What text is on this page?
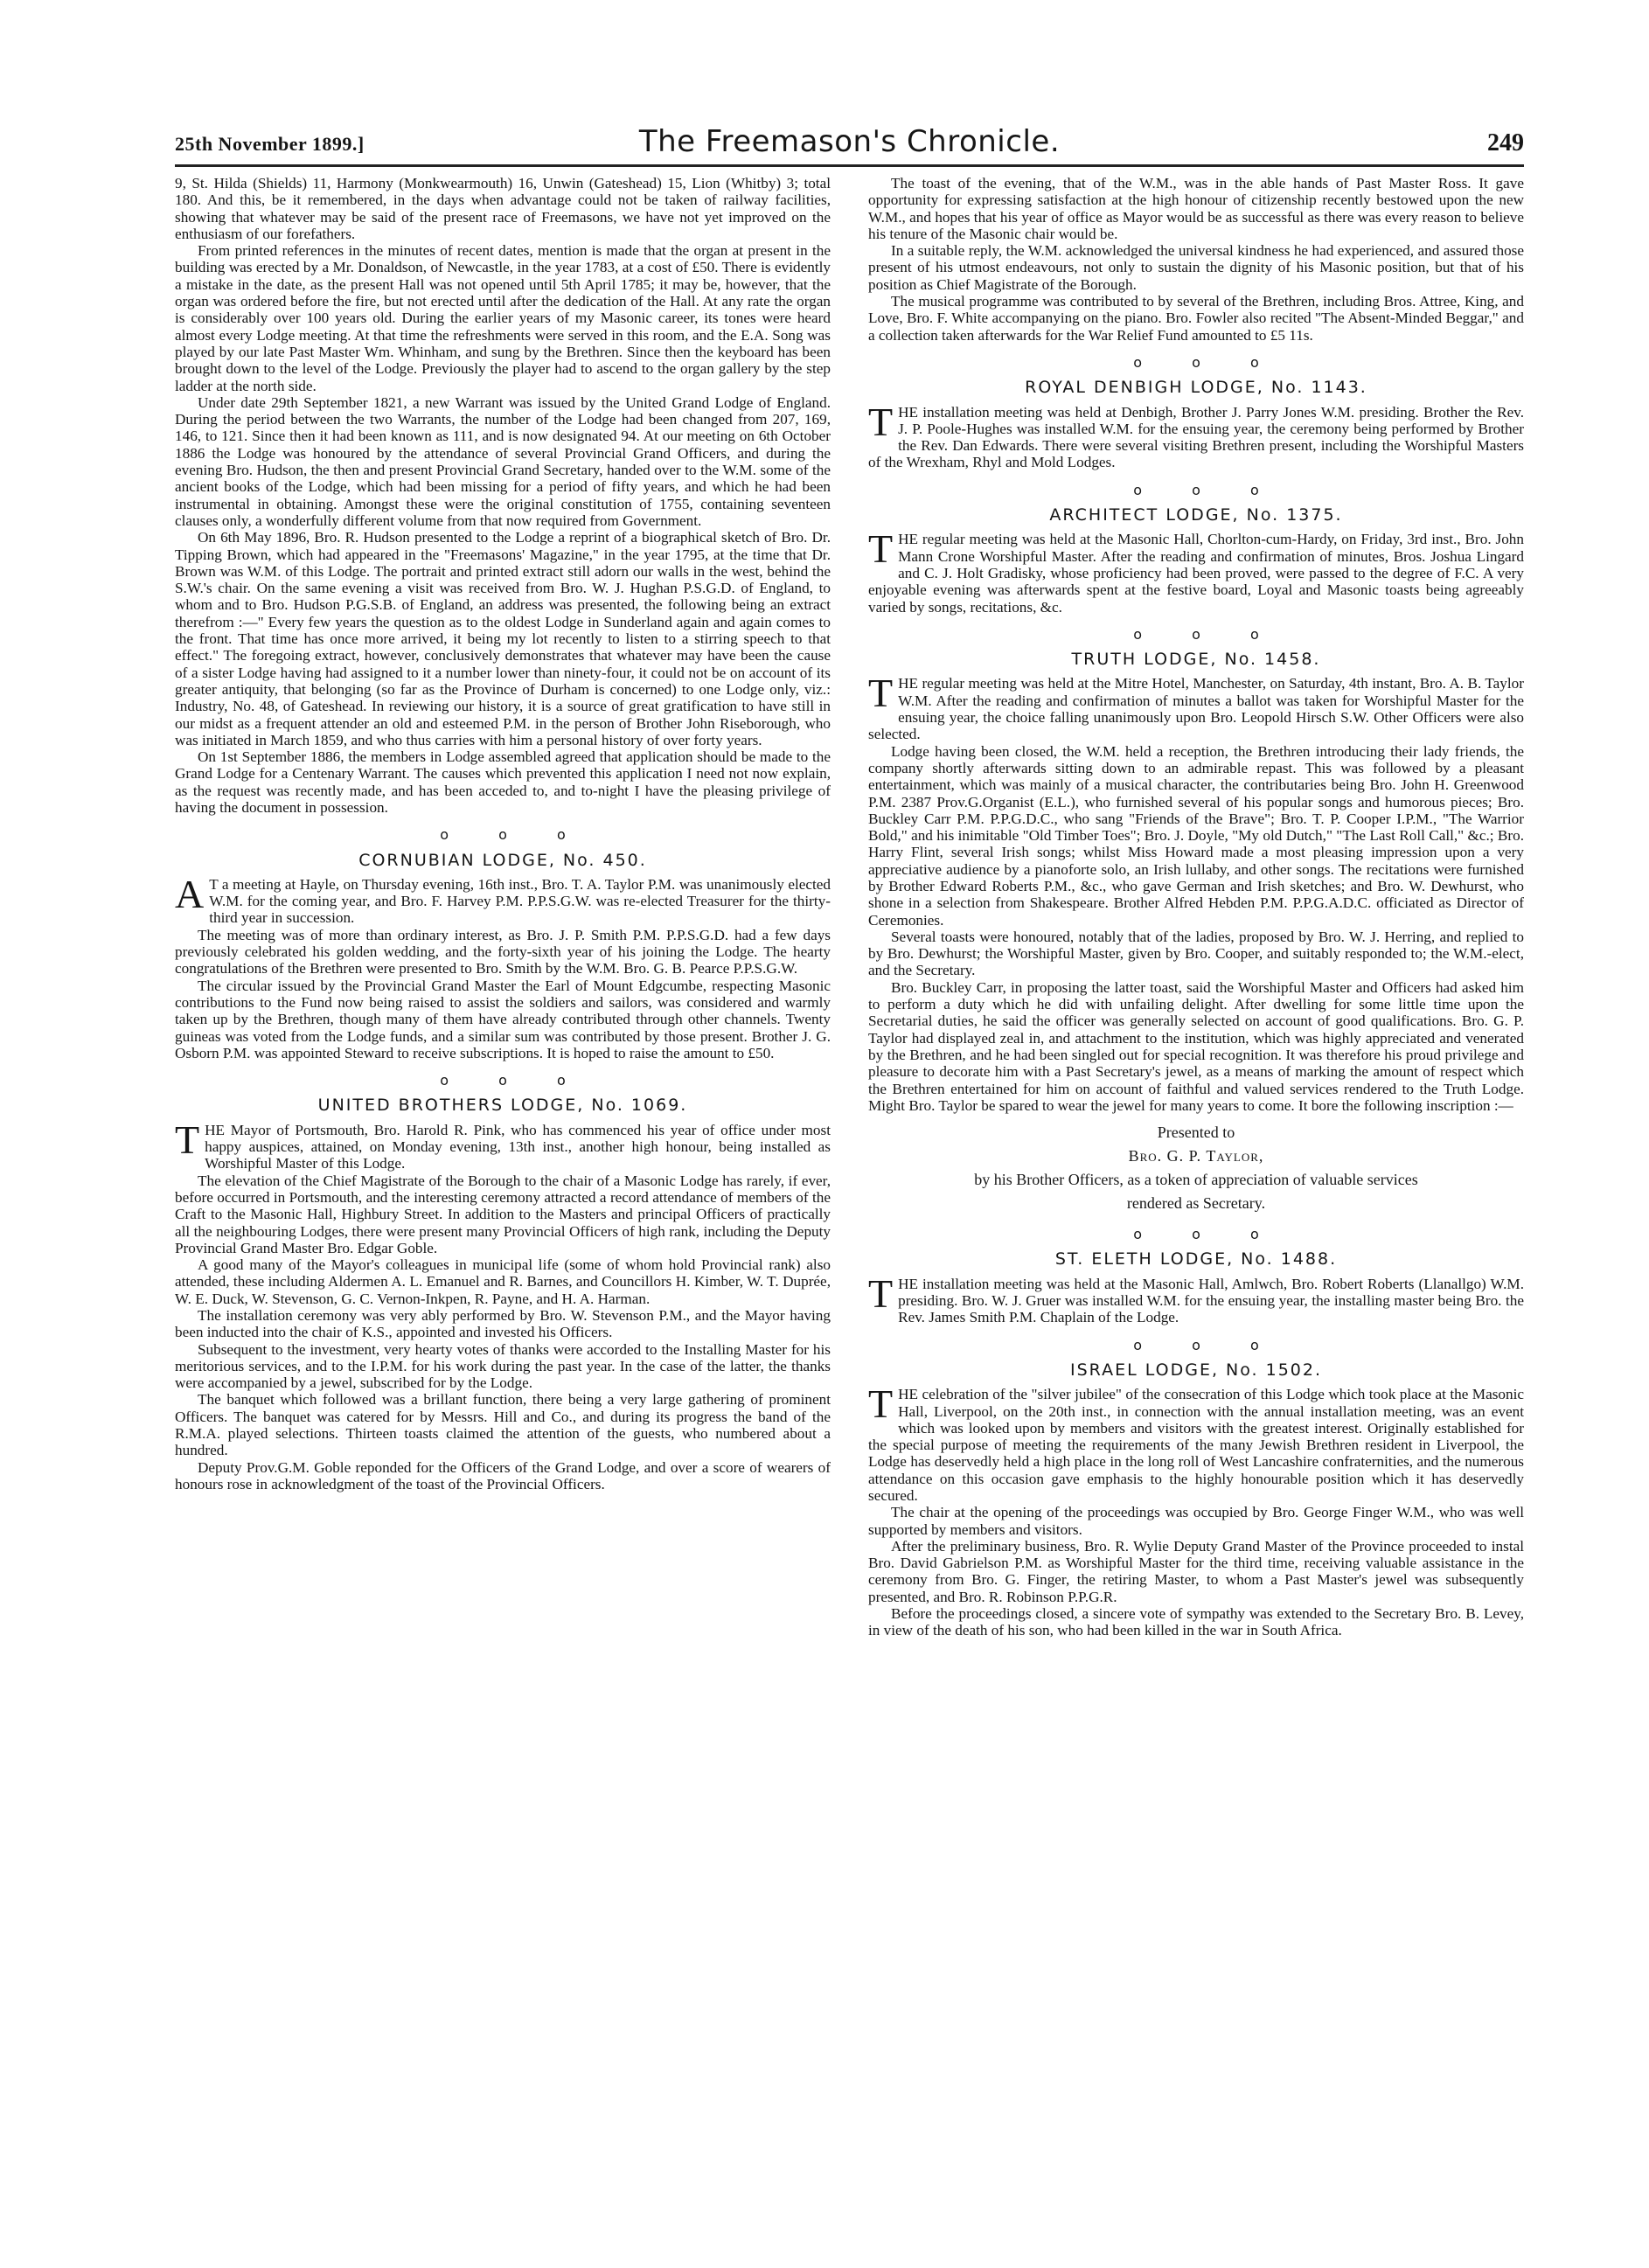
25th November 1899.]	The Freemason's Chronicle.	249

9, St. Hilda (Shields) 11, Harmony (Monkwearmouth) 16, Unwin (Gateshead) 15, Lion (Whitby) 3; total 180. And this, be it remembered, in the days when advantage could not be taken of railway facilities, showing that whatever may be said of the present race of Freemasons, we have not yet improved on the enthusiasm of our forefathers.

From printed references in the minutes of recent dates, mention is made that the organ at present in the building was erected by a Mr. Donaldson, of Newcastle, in the year 1783, at a cost of £50. There is evidently a mistake in the date, as the present Hall was not opened until 5th April 1785; it may be, however, that the organ was ordered before the fire, but not erected until after the dedication of the Hall. At any rate the organ is considerably over 100 years old. During the earlier years of my Masonic career, its tones were heard almost every Lodge meeting. At that time the refreshments were served in this room, and the E.A. Song was played by our late Past Master Wm. Whinham, and sung by the Brethren. Since then the keyboard has been brought down to the level of the Lodge. Previously the player had to ascend to the organ gallery by the step ladder at the north side.

Under date 29th September 1821, a new Warrant was issued by the United Grand Lodge of England. During the period between the two Warrants, the number of the Lodge had been changed from 207, 169, 146, to 121. Since then it had been known as 111, and is now designated 94. At our meeting on 6th October 1886 the Lodge was honoured by the attendance of several Provincial Grand Officers, and during the evening Bro. Hudson, the then and present Provincial Grand Secretary, handed over to the W.M. some of the ancient books of the Lodge, which had been missing for a period of fifty years, and which he had been instrumental in obtaining. Amongst these were the original constitution of 1755, containing seventeen clauses only, a wonderfully different volume from that now required from Government.

On 6th May 1896, Bro. R. Hudson presented to the Lodge a reprint of a biographical sketch of Bro. Dr. Tipping Brown, which had appeared in the "Freemasons' Magazine," in the year 1795, at the time that Dr. Brown was W.M. of this Lodge. The portrait and printed extract still adorn our walls in the west, behind the S.W.'s chair. On the same evening a visit was received from Bro. W. J. Hughan P.S.G.D. of England, to whom and to Bro. Hudson P.G.S.B. of England, an address was presented, the following being an extract therefrom :—" Every few years the question as to the oldest Lodge in Sunderland again and again comes to the front. That time has once more arrived, it being my lot recently to listen to a stirring speech to that effect." The foregoing extract, however, conclusively demonstrates that whatever may have been the cause of a sister Lodge having had assigned to it a number lower than ninety-four, it could not be on account of its greater antiquity, that belonging (so far as the Province of Durham is concerned) to one Lodge only, viz.: Industry, No. 48, of Gateshead. In reviewing our history, it is a source of great gratification to have still in our midst as a frequent attender an old and esteemed P.M. in the person of Brother John Riseborough, who was initiated in March 1859, and who thus carries with him a personal history of over forty years.

On 1st September 1886, the members in Lodge assembled agreed that application should be made to the Grand Lodge for a Centenary Warrant. The causes which prevented this application I need not now explain, as the request was recently made, and has been acceded to, and to-night I have the pleasing privilege of having the document in possession.

o o o
CORNUBIAN LODGE, No. 450.

A T a meeting at Hayle, on Thursday evening, 16th inst., Bro. T. A. Taylor P.M. was unanimously elected W.M. for the coming year, and Bro. F. Harvey P.M. P.P.S.G.W. was re-elected Treasurer for the thirty-third year in succession.

The meeting was of more than ordinary interest, as Bro. J. P. Smith P.M. P.P.S.G.D. had a few days previously celebrated his golden wedding, and the forty-sixth year of his joining the Lodge. The hearty congratulations of the Brethren were presented to Bro. Smith by the W.M. Bro. G. B. Pearce P.P.S.G.W.

The circular issued by the Provincial Grand Master the Earl of Mount Edgcumbe, respecting Masonic contributions to the Fund now being raised to assist the soldiers and sailors, was considered and warmly taken up by the Brethren, though many of them have already contributed through other channels. Twenty guineas was voted from the Lodge funds, and a similar sum was contributed by those present. Brother J. G. Osborn P.M. was appointed Steward to receive subscriptions. It is hoped to raise the amount to £50.

o o o
UNITED BROTHERS LODGE, No. 1069.

THE Mayor of Portsmouth, Bro. Harold R. Pink, who has commenced his year of office under most happy auspices, attained, on Monday evening, 13th inst., another high honour, being installed as Worshipful Master of this Lodge.

The elevation of the Chief Magistrate of the Borough to the chair of a Masonic Lodge has rarely, if ever, before occurred in Portsmouth, and the interesting ceremony attracted a record attendance of members of the Craft to the Masonic Hall, Highbury Street. In addition to the Masters and principal Officers of practically all the neighbouring Lodges, there were present many Provincial Officers of high rank, including the Deputy Provincial Grand Master Bro. Edgar Goble.

A good many of the Mayor's colleagues in municipal life (some of whom hold Provincial rank) also attended, these including Aldermen A. L. Emanuel and R. Barnes, and Councillors H. Kimber, W. T. Duprée, W. E. Duck, W. Stevenson, G. C. Vernon-Inkpen, R. Payne, and H. A. Harman.

The installation ceremony was very ably performed by Bro. W. Stevenson P.M., and the Mayor having been inducted into the chair of K.S., appointed and invested his Officers.

Subsequent to the investment, very hearty votes of thanks were accorded to the Installing Master for his meritorious services, and to the I.P.M. for his work during the past year. In the case of the latter, the thanks were accompanied by a jewel, subscribed for by the Lodge.

The banquet which followed was a brillant function, there being a very large gathering of prominent Officers. The banquet was catered for by Messrs. Hill and Co., and during its progress the band of the R.M.A. played selections. Thirteen toasts claimed the attention of the guests, who numbered about a hundred.

Deputy Prov.G.M. Goble reponded for the Officers of the Grand Lodge, and over a score of wearers of honours rose in acknowledgment of the toast of the Provincial Officers.

The toast of the evening, that of the W.M., was in the able hands of Past Master Ross. It gave opportunity for expressing satisfaction at the high honour of citizenship recently bestowed upon the new W.M., and hopes that his year of office as Mayor would be as successful as there was every reason to believe his tenure of the Masonic chair would be.

In a suitable reply, the W.M. acknowledged the universal kindness he had experienced, and assured those present of his utmost endeavours, not only to sustain the dignity of his Masonic position, but that of his position as Chief Magistrate of the Borough.

The musical programme was contributed to by several of the Brethren, including Bros. Attree, King, and Love, Bro. F. White accompanying on the piano. Bro. Fowler also recited "The Absent-Minded Beggar," and a collection taken afterwards for the War Relief Fund amounted to £5 11s.

o o o
ROYAL DENBIGH LODGE, No. 1143.

THE installation meeting was held at Denbigh, Brother J. Parry Jones W.M. presiding. Brother the Rev. J. P. Poole-Hughes was installed W.M. for the ensuing year, the ceremony being performed by Brother the Rev. Dan Edwards. There were several visiting Brethren present, including the Worshipful Masters of the Wrexham, Rhyl and Mold Lodges.

o o o
ARCHITECT LODGE, No. 1375.

THE regular meeting was held at the Masonic Hall, Chorlton-cum-Hardy, on Friday, 3rd inst., Bro. John Mann Crone Worshipful Master. After the reading and confirmation of minutes, Bros. Joshua Lingard and C. J. Holt Gradisky, whose proficiency had been proved, were passed to the degree of F.C. A very enjoyable evening was afterwards spent at the festive board, Loyal and Masonic toasts being agreeably varied by songs, recitations, &c.

o o o
TRUTH LODGE, No. 1458.

THE regular meeting was held at the Mitre Hotel, Manchester, on Saturday, 4th instant, Bro. A. B. Taylor W.M. After the reading and confirmation of minutes a ballot was taken for Worshipful Master for the ensuing year, the choice falling unanimously upon Bro. Leopold Hirsch S.W. Other Officers were also selected.

Lodge having been closed, the W.M. held a reception, the Brethren introducing their lady friends, the company shortly afterwards sitting down to an admirable repast. This was followed by a pleasant entertainment, which was mainly of a musical character, the contributaries being Bro. John H. Greenwood P.M. 2387 Prov.G.Organist (E.L.), who furnished several of his popular songs and humorous pieces; Bro. Buckley Carr P.M. P.P.G.D.C., who sang "Friends of the Brave"; Bro. T. P. Cooper I.P.M., "The Warrior Bold," and his inimitable "Old Timber Toes"; Bro. J. Doyle, "My old Dutch," "The Last Roll Call," &c.; Bro. Harry Flint, several Irish songs; whilst Miss Howard made a most pleasing impression upon a very appreciative audience by a pianoforte solo, an Irish lullaby, and other songs. The recitations were furnished by Brother Edward Roberts P.M., &c., who gave German and Irish sketches; and Bro. W. Dewhurst, who shone in a selection from Shakespeare. Brother Alfred Hebden P.M. P.P.G.A.D.C. officiated as Director of Ceremonies.

Several toasts were honoured, notably that of the ladies, proposed by Bro. W. J. Herring, and replied to by Bro. Dewhurst; the Worshipful Master, given by Bro. Cooper, and suitably responded to; the W.M.-elect, and the Secretary.

Bro. Buckley Carr, in proposing the latter toast, said the Worshipful Master and Officers had asked him to perform a duty which he did with unfailing delight. After dwelling for some little time upon the Secretarial duties, he said the officer was generally selected on account of good qualifications. Bro. G. P. Taylor had displayed zeal in, and attachment to the institution, which was highly appreciated and venerated by the Brethren, and he had been singled out for special recognition. It was therefore his proud privilege and pleasure to decorate him with a Past Secretary's jewel, as a means of marking the amount of respect which the Brethren entertained for him on account of faithful and valued services rendered to the Truth Lodge. Might Bro. Taylor be spared to wear the jewel for many years to come. It bore the following inscription :—

Presented to
Bro. G. P. Taylor,
by his Brother Officers, as a token of appreciation of valuable services
rendered as Secretary.
o o o
ST. ELETH LODGE, No. 1488.

THE installation meeting was held at the Masonic Hall, Amlwch, Bro. Robert Roberts (Llanallgo) W.M. presiding. Bro. W. J. Gruer was installed W.M. for the ensuing year, the installing master being Bro. the Rev. James Smith P.M. Chaplain of the Lodge.

o o o
ISRAEL LODGE, No. 1502.

THE celebration of the "silver jubilee" of the consecration of this Lodge which took place at the Masonic Hall, Liverpool, on the 20th inst., in connection with the annual installation meeting, was an event which was looked upon by members and visitors with the greatest interest. Originally established for the special purpose of meeting the requirements of the many Jewish Brethren resident in Liverpool, the Lodge has deservedly held a high place in the long roll of West Lancashire confraternities, and the numerous attendance on this occasion gave emphasis to the highly honourable position which it has deservedly secured.

The chair at the opening of the proceedings was occupied by Bro. George Finger W.M., who was well supported by members and visitors.

After the preliminary business, Bro. R. Wylie Deputy Grand Master of the Province proceeded to instal Bro. David Gabrielson P.M. as Worshipful Master for the third time, receiving valuable assistance in the ceremony from Bro. G. Finger, the retiring Master, to whom a Past Master's jewel was subsequently presented, and Bro. R. Robinson P.P.G.R.

Before the proceedings closed, a sincere vote of sympathy was extended to the Secretary Bro. B. Levey, in view of the death of his son, who had been killed in the war in South Africa.
